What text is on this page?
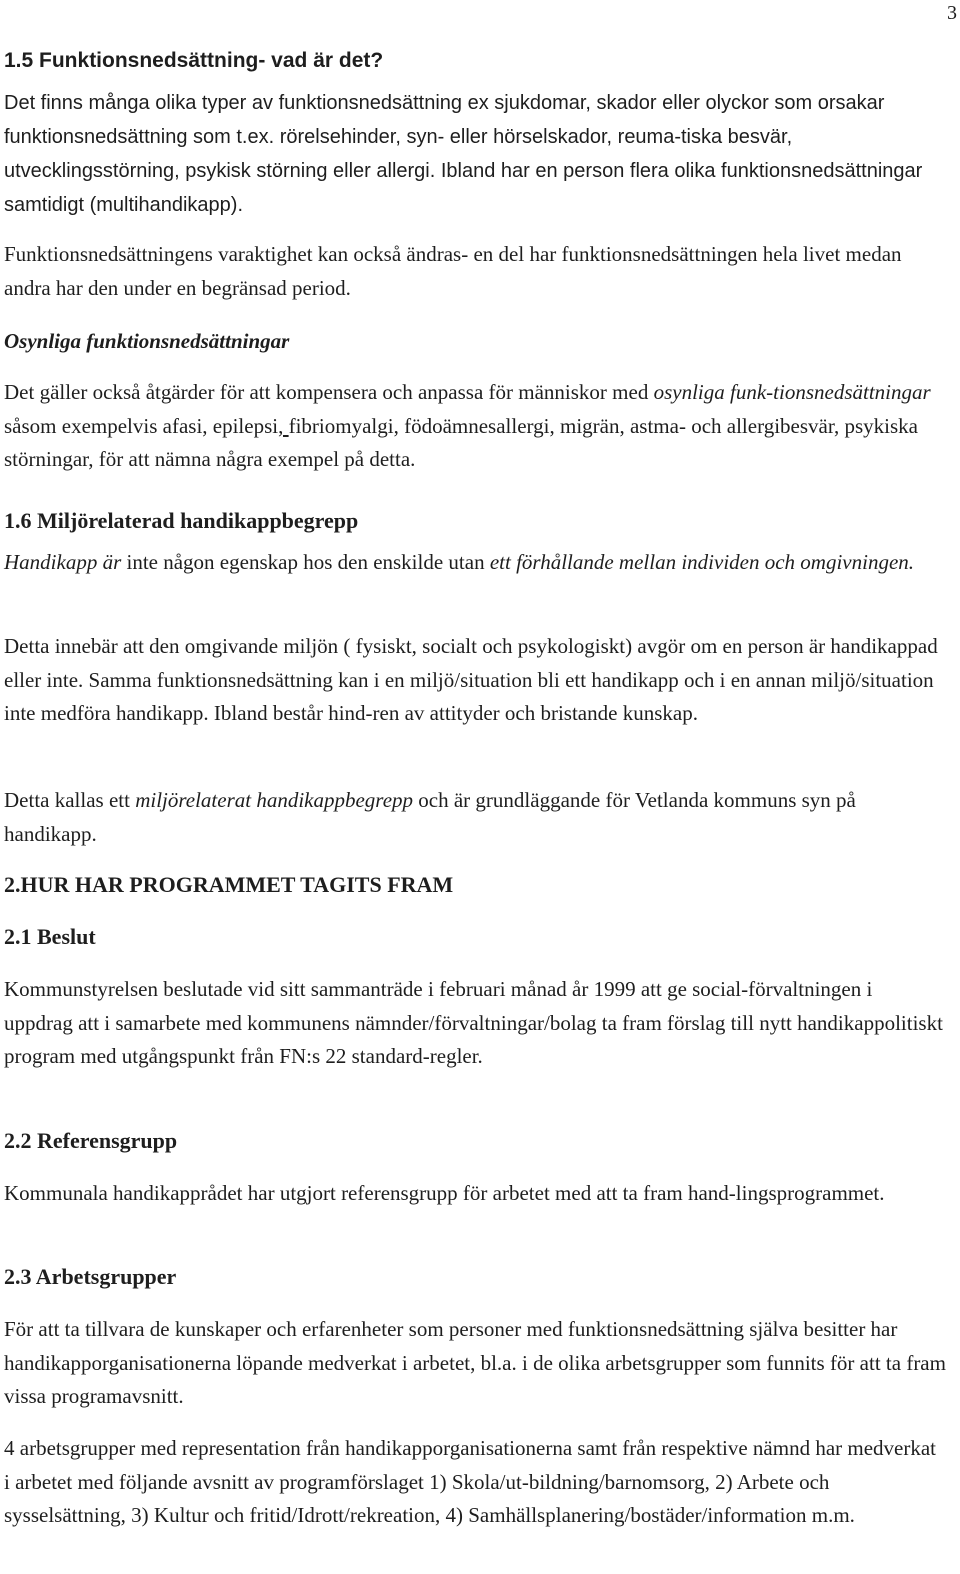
3
1.5 Funktionsnedsättning- vad är det?

Det finns många olika typer av funktionsnedsättning ex sjukdomar, skador eller olyckor som orsakar funktionsnedsättning som t.ex. rörelsehinder, syn- eller hörselskador, reuma-tiska besvär, utvecklingsstörning, psykisk störning eller allergi. Ibland har en person flera olika funktionsnedsättningar samtidigt (multihandikapp).

Funktionsnedsättningens varaktighet kan också ändras- en del har funktionsnedsättningen hela livet medan andra har den under en begränsad period.

Osynliga funktionsnedsättningar

Det gäller också åtgärder för att kompensera och anpassa för människor med osynliga funk-tionsnedsättningar såsom exempelvis afasi, epilepsi, fibriomyalgi, födoämnesallergi, migrän, astma- och allergibesvär, psykiska störningar, för att nämna några exempel på detta.

1.6 Miljörelaterad handikappbegrepp

Handikapp är inte någon egenskap hos den enskilde utan ett förhållande mellan individen och omgivningen.

Detta innebär att den omgivande miljön ( fysiskt, socialt och psykologiskt) avgör om en person är handikappad eller inte. Samma funktionsnedsättning kan i en miljö/situation bli ett handikapp och i en annan miljö/situation inte medföra handikapp. Ibland består hind-ren av attityder och bristande kunskap.

Detta kallas ett miljörelaterat handikappbegrepp och är grundläggande för Vetlanda kommuns syn på handikapp.

2.HUR HAR PROGRAMMET TAGITS FRAM
2.1 Beslut

Kommunstyrelsen beslutade vid sitt sammanträde i februari månad år 1999 att ge social-förvaltningen i uppdrag att i samarbete med kommunens nämnder/förvaltningar/bolag ta fram förslag till nytt handikappolitiskt program med utgångspunkt från FN:s 22 standard-regler.

2.2 Referensgrupp

Kommunala handikapprådet har utgjort referensgrupp för arbetet med att ta fram hand-lingsprogrammet.

2.3 Arbetsgrupper

För att ta tillvara de kunskaper och erfarenheter som personer med funktionsnedsättning själva besitter har handikapporganisationerna löpande medverkat i arbetet, bl.a. i de olika arbetsgrupper som funnits för att ta fram vissa programavsnitt.

4 arbetsgrupper med representation från handikapporganisationerna samt från respektive nämnd har medverkat i arbetet med följande avsnitt av programförslaget 1) Skola/ut-bildning/barnomsorg, 2) Arbete och sysselsättning, 3) Kultur och fritid/Idrott/rekreation, 4) Samhällsplanering/bostäder/information m.m.
